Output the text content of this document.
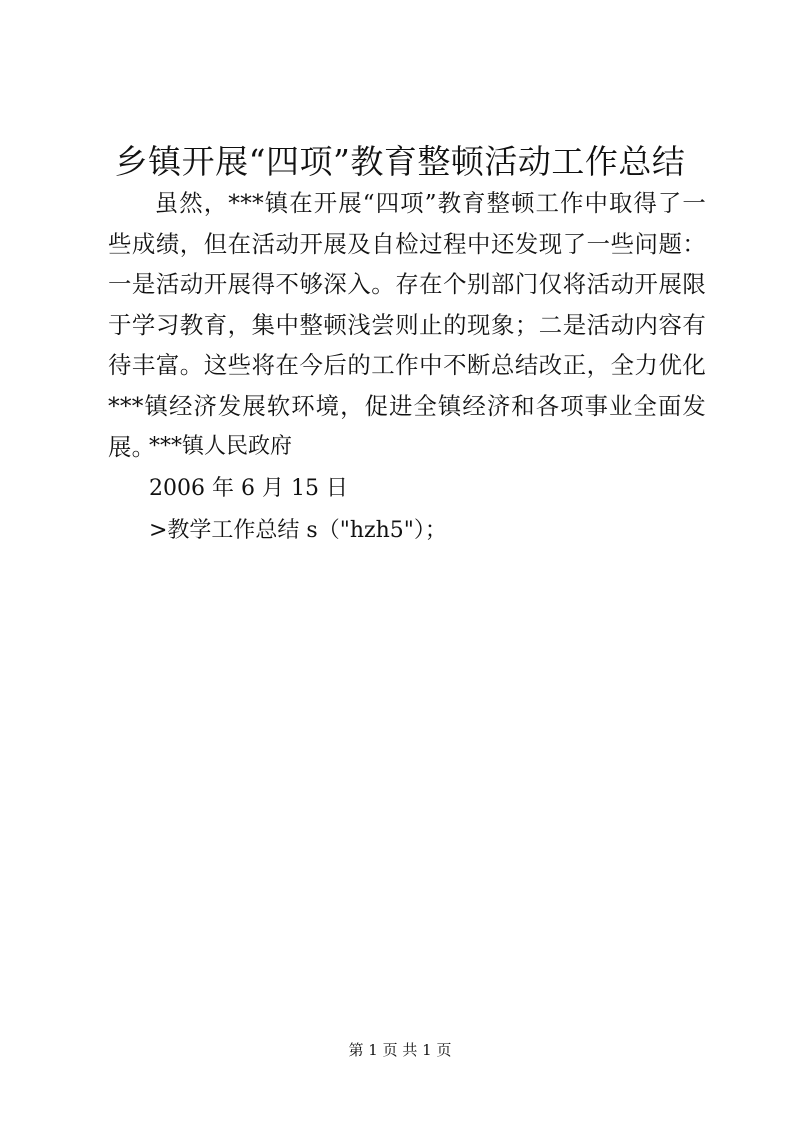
乡镇开展“四项”教育整顿活动工作总结

虽然，***镇在开展“四项”教育整顿工作中取得了一些成绩，但在活动开展及自检过程中还发现了一些问题：一是活动开展得不够深入。存在个别部门仅将活动开展限于学习教育，集中整顿浅尝则止的现象；二是活动内容有待丰富。这些将在今后的工作中不断总结改正，全力优化***镇经济发展软环境，促进全镇经济和各项事业全面发展。

***镇人民政府
2006 年 6 月 15 日
>教学工作总结 s（"hzh5"）；
第 1 页 共 1 页
